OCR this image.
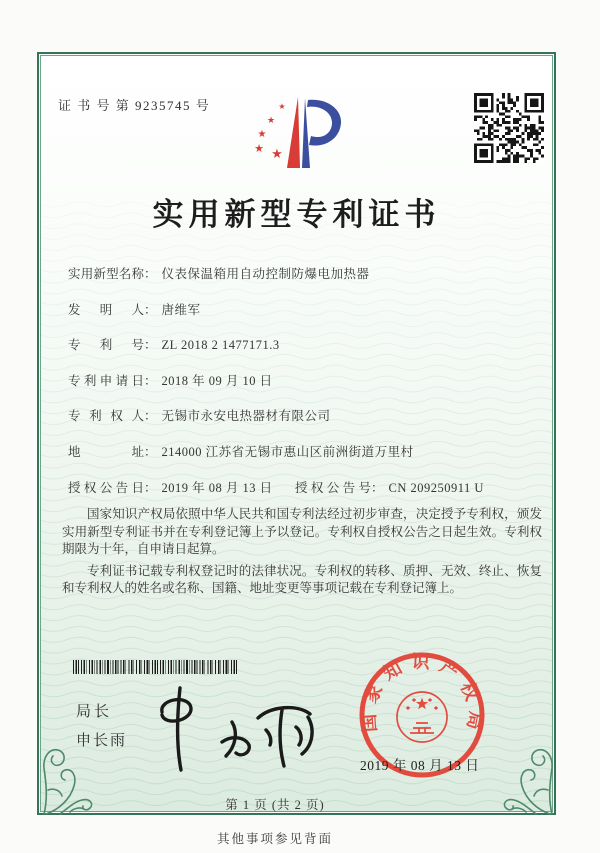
证 书 号 第 9235745 号	★
★
★
★ ★
实用新型专利证书
实用新型名称： 仪表保温箱用自动控制防爆电加热器
发明人： 唐维军
专利号： ZL 2018 2 1477171.3
专利申请日： 2018 年 09 月 10 日
专利权人： 无锡市永安电热器材有限公司
地址： 214000 江苏省无锡市惠山区前洲街道万里村
授权公告日： 2019 年 08 月 13 日 授权公告号： CN 209250911 U

国家知识产权局依照中华人民共和国专利法经过初步审查，决定授予专利权，颁发实用新型专利证书并在专利登记簿上予以登记。专利权自授权公告之日起生效。专利权期限为十年，自申请日起算。

专利证书记载专利权登记时的法律状况。专利权的转移、质押、无效、终止、恢复和专利权人的姓名或名称、国籍、地址变更等事项记载在专利登记簿上。

局长
申长雨
国家知识产权局
2019 年 08 月 13 日
第 1 页 (共 2 页)
其他事项参见背面
